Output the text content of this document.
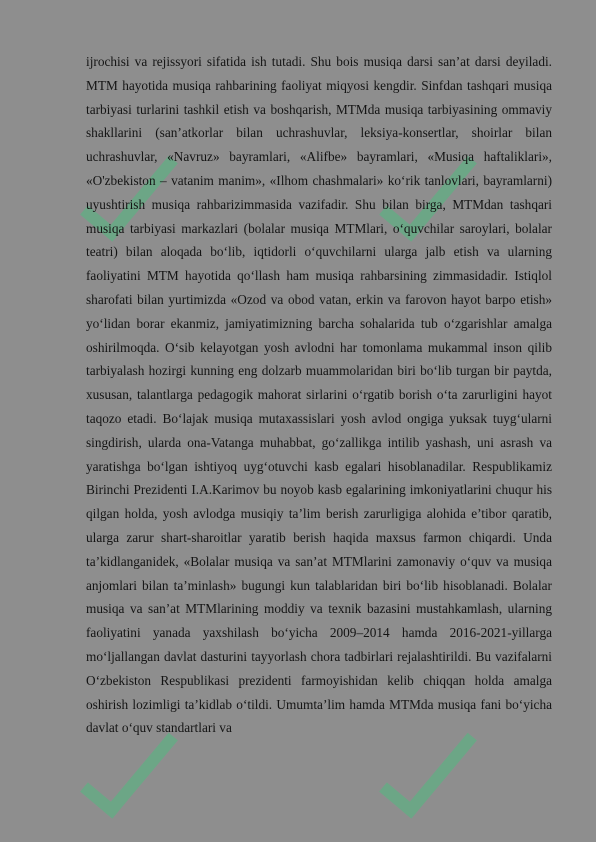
ijrochisi va rejissyori sifatida ish tutadi. Shu bois musiqa darsi san’at darsi deyiladi. MTM hayotida musiqa rahbarining faoliyat miqyosi kengdir. Sinfdan tashqari musiqa tarbiyasi turlarini tashkil etish va boshqarish, MTMda musiqa tarbiyasining ommaviy shakllarini (san’atkorlar bilan uchrashuvlar, leksiya-konsertlar, shoirlar bilan uchrashuvlar, «Navruz» bayramlari, «Alifbe» bayramlari, «Musiqa haftaliklari», «O'zbekiston – vatanim manim», «Ilhom chashmalari» ko‘rik tanlovlari, bayramlarni) uyushtirish musiqa rahbarizimmasida vazifadir. Shu bilan birga, MTMdan tashqari musiqa tarbiyasi markazlari (bolalar musiqa MTMlari, o‘quvchilar saroylari, bolalar teatri) bilan aloqada bo‘lib, iqtidorli o‘quvchilarni ularga jalb etish va ularning faoliyatini MTM hayotida qo‘llash ham musiqa rahbarsining zimmasidadir. Istiqlol sharofati bilan yurtimizda «Ozod va obod vatan, erkin va farovon hayot barpo etish» yo‘lidan borar ekanmiz, jamiyatimizning barcha sohalarida tub o‘zgarishlar amalga oshirilmoqda. O‘sib kelayotgan yosh avlodni har tomonlama mukammal inson qilib tarbiyalash hozirgi kunning eng dolzarb muammolaridan biri bo‘lib turgan bir paytda, xususan, talantlarga pedagogik mahorat sirlarini o‘rgatib borish o‘ta zarurligini hayot taqozo etadi. Bo‘lajak musiqa mutaxassislari yosh avlod ongiga yuksak tuyg‘ularni singdirish, ularda ona-Vatanga muhabbat, go‘zallikga intilib yashash, uni asrash va yaratishga bo‘lgan ishtiyoq uyg‘otuvchi kasb egalari hisoblanadilar. Respublikamiz Birinchi Prezidenti I.A.Karimov bu noyob kasb egalarining imkoniyatlarini chuqur his qilgan holda, yosh avlodga musiqiy ta’lim berish zarurligiga alohida e’tibor qaratib, ularga zarur shart-sharoitlar yaratib berish haqida maxsus farmon chiqardi. Unda ta’kidlanganidek, «Bolalar musiqa va san’at MTMlarini zamonaviy o‘quv va musiqa anjomlari bilan ta’minlash» bugungi kun talablaridan biri bo‘lib hisoblanadi. Bolalar musiqa va san’at MTMlarining moddiy va texnik bazasini mustahkamlash, ularning faoliyatini yanada yaxshilash bo‘yicha 2009–2014 hamda 2016-2021-yillarga mo‘ljallangan davlat dasturini tayyorlash chora tadbirlari rejalashtirildi. Bu vazifalarni O‘zbekiston Respublikasi prezidenti farmoyishidan kelib chiqqan holda amalga oshirish lozimligi ta’kidlab o‘tildi. Umumta’lim hamda MTMda musiqa fani bo‘yicha davlat o‘quv standartlari va
